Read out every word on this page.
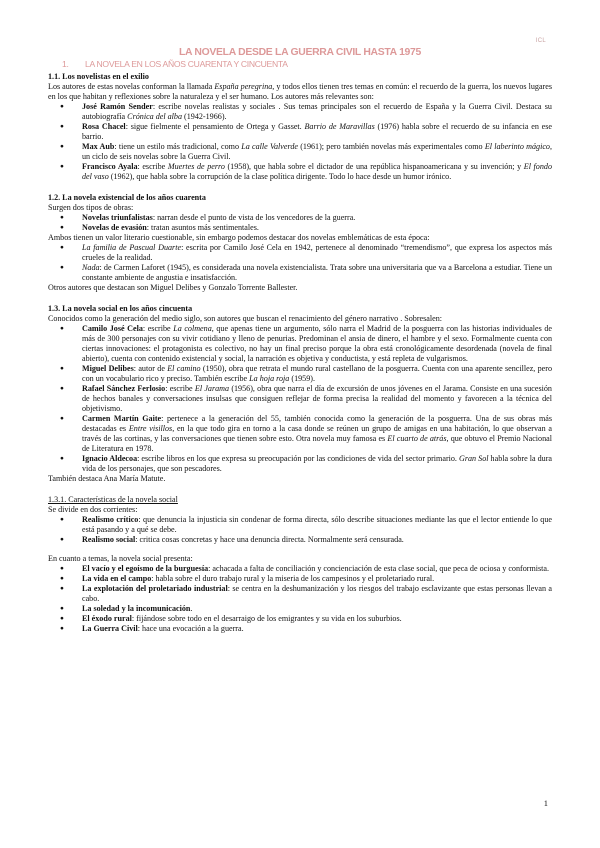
ICL
LA NOVELA DESDE LA GUERRA CIVIL HASTA 1975
1. LA NOVELA EN LOS AÑOS CUARENTA Y CINCUENTA
1.1. Los novelistas en el exilio

Los autores de estas novelas conforman la llamada España peregrina, y todos ellos tienen tres temas en común: el recuerdo de la guerra, los nuevos lugares en los que habitan y reflexiones sobre la naturaleza y el ser humano. Los autores más relevantes son:

● José Ramón Sender: escribe novelas realistas y sociales . Sus temas principales son el recuerdo de España y la Guerra Civil. Destaca su autobiografía Crónica del alba (1942-1966).
● Rosa Chacel: sigue fielmente el pensamiento de Ortega y Gasset. Barrio de Maravillas (1976) habla sobre el recuerdo de su infancia en ese barrio.
● Max Aub: tiene un estilo más tradicional, como La calle Valverde (1961); pero también novelas más experimentales como El laberinto mágico, un ciclo de seis novelas sobre la Guerra Civil.
● Francisco Ayala: escribe Muertes de perro (1958), que habla sobre el dictador de una república hispanoamericana y su invención; y El fondo del vaso (1962), que habla sobre la corrupción de la clase política dirigente. Todo lo hace desde un humor irónico.
1.2. La novela existencial de los años cuarenta

Surgen dos tipos de obras:

● Novelas triunfalistas: narran desde el punto de vista de los vencedores de la guerra.
● Novelas de evasión: tratan asuntos más sentimentales.

Ambos tienen un valor literario cuestionable, sin embargo podemos destacar dos novelas emblemáticas de esta época:

● La familia de Pascual Duarte: escrita por Camilo José Cela en 1942, pertenece al denominado “tremendismo”, que expresa los aspectos más crueles de la realidad.
● Nada: de Carmen Laforet (1945), es considerada una novela existencialista. Trata sobre una universitaria que va a Barcelona a estudiar. Tiene un constante ambiente de angustia e insatisfacción.

Otros autores que destacan son Miguel Delibes y Gonzalo Torrente Ballester.

1.3. La novela social en los años cincuenta

Conocidos como la generación del medio siglo, son autores que buscan el renacimiento del género narrativo . Sobresalen:

● Camilo José Cela: escribe La colmena, que apenas tiene un argumento, sólo narra el Madrid de la posguerra con las historias individuales de más de 300 personajes con su vivir cotidiano y lleno de penurias. Predominan el ansia de dinero, el hambre y el sexo. Formalmente cuenta con ciertas innovaciones: el protagonista es colectivo, no hay un final preciso porque la obra está cronológicamente desordenada (novela de final abierto), cuenta con contenido existencial y social, la narración es objetiva y conductista, y está repleta de vulgarismos.
● Miguel Delibes: autor de El camino (1950), obra que retrata el mundo rural castellano de la posguerra. Cuenta con una aparente sencillez, pero con un vocabulario rico y preciso. También escribe La hoja roja (1959).
● Rafael Sánchez Ferlosio: escribe El Jarama (1956), obra que narra el día de excursión de unos jóvenes en el Jarama. Consiste en una sucesión de hechos banales y conversaciones insulsas que consiguen reflejar de forma precisa la realidad del momento y favorecen a la técnica del objetivismo.
● Carmen Martín Gaite: pertenece a la generación del 55, también conocida como la generación de la posguerra. Una de sus obras más destacadas es Entre visillos, en la que todo gira en torno a la casa donde se reúnen un grupo de amigas en una habitación, lo que observan a través de las cortinas, y las conversaciones que tienen sobre esto. Otra novela muy famosa es El cuarto de atrás, que obtuvo el Premio Nacional de Literatura en 1978.
● Ignacio Aldecoa: escribe libros en los que expresa su preocupación por las condiciones de vida del sector primario. Gran Sol habla sobre la dura vida de los personajes, que son pescadores.

También destaca Ana María Matute.

1.3.1. Características de la novela social

Se divide en dos corrientes:

● Realismo crítico: que denuncia la injusticia sin condenar de forma directa, sólo describe situaciones mediante las que el lector entiende lo que está pasando y a qué se debe.
● Realismo social: critica cosas concretas y hace una denuncia directa. Normalmente será censurada.

En cuanto a temas, la novela social presenta:

● El vacío y el egoísmo de la burguesía: achacada a falta de conciliación y concienciación de esta clase social, que peca de ociosa y conformista.
● La vida en el campo: habla sobre el duro trabajo rural y la miseria de los campesinos y el proletariado rural.
● La explotación del proletariado industrial: se centra en la deshumanización y los riesgos del trabajo esclavizante que estas personas llevan a cabo.
● La soledad y la incomunicación.
● El éxodo rural: fijándose sobre todo en el desarraigo de los emigrantes y su vida en los suburbios.
● La Guerra Civil: hace una evocación a la guerra.
1
